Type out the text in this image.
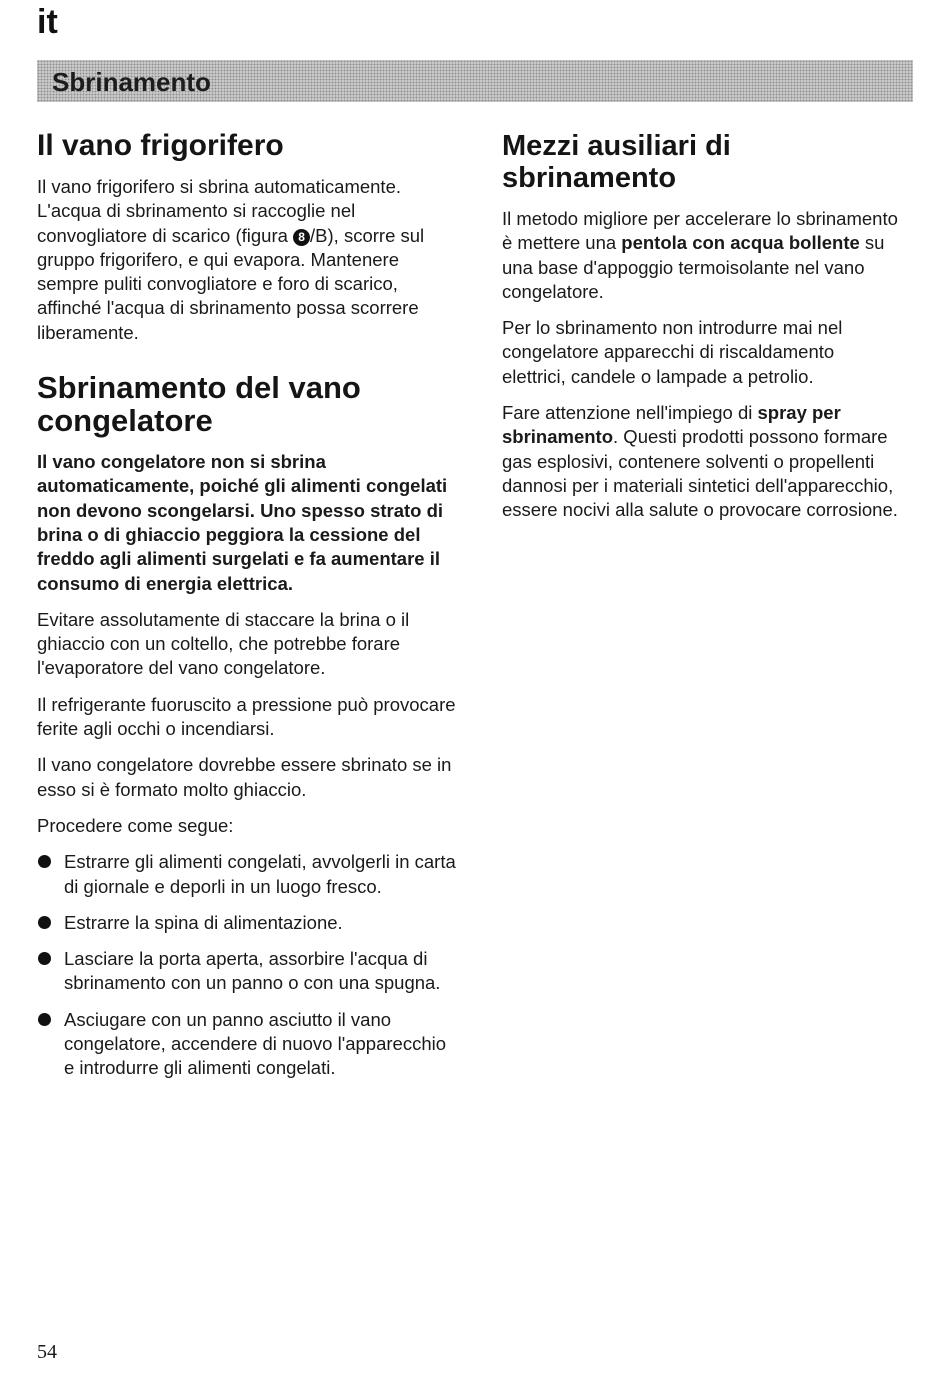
it
Sbrinamento
Il vano frigorifero

Il vano frigorifero si sbrina automaticamente. L'acqua di sbrinamento si raccoglie nel convogliatore di scarico (figura 8 /B), scorre sul gruppo frigorifero, e qui evapora. Mantenere sempre puliti convogliatore e foro di scarico, affinché l'acqua di sbrinamento possa scorrere liberamente.

Sbrinamento del vano congelatore

Il vano congelatore non si sbrina automaticamente, poiché gli alimenti congelati non devono scongelarsi. Uno spesso strato di brina o di ghiaccio peggiora la cessione del freddo agli alimenti surgelati e fa aumentare il consumo di energia elettrica.

Evitare assolutamente di staccare la brina o il ghiaccio con un coltello, che potrebbe forare l'evaporatore del vano congelatore.

Il refrigerante fuoruscito a pressione può provocare ferite agli occhi o incendiarsi.

Il vano congelatore dovrebbe essere sbrinato se in esso si è formato molto ghiaccio.

Procedere come segue:

Estrarre gli alimenti congelati, avvolgerli in carta di giornale e deporli in un luogo fresco.
Estrarre la spina di alimentazione.
Lasciare la porta aperta, assorbire l'acqua di sbrinamento con un panno o con una spugna.
Asciugare con un panno asciutto il vano congelatore, accendere di nuovo l'apparecchio e introdurre gli alimenti congelati.
Mezzi ausiliari di sbrinamento

Il metodo migliore per accelerare lo sbrinamento è mettere una pentola con acqua bollente su una base d'appoggio termoisolante nel vano congelatore.

Per lo sbrinamento non introdurre mai nel congelatore apparecchi di riscaldamento elettrici, candele o lampade a petrolio.

Fare attenzione nell'impiego di spray per sbrinamento. Questi prodotti possono formare gas esplosivi, contenere solventi o propellenti dannosi per i materiali sintetici dell'apparecchio, essere nocivi alla salute o provocare corrosione.

54
